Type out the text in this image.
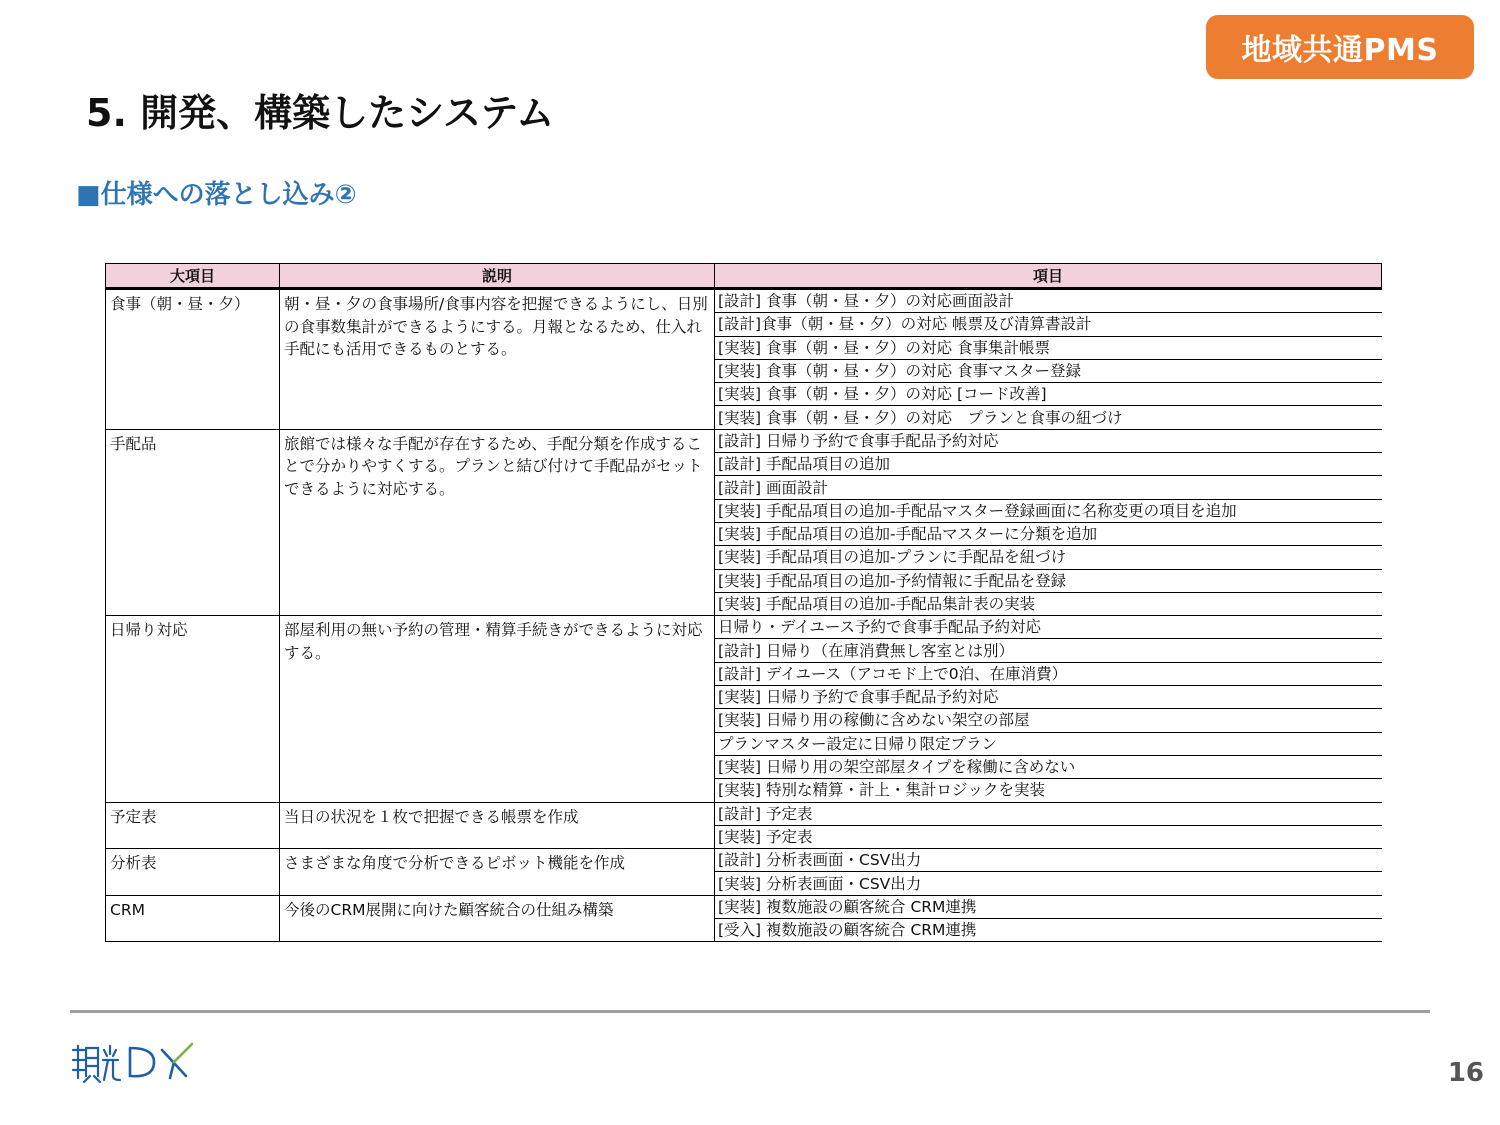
地域共通PMS
5. 開発、構築したシステム
■仕様への落とし込み②
大項目	説明	項目
食事（朝・昼・夕）	朝・昼・夕の食事場所/食事内容を把握できるようにし、日別の食事数集計ができるようにする。月報となるため、仕入れ手配にも活用できるものとする。	[設計] 食事（朝・昼・夕）の対応画面設計
		[設計]食事（朝・昼・夕）の対応 帳票及び清算書設計
		[実装] 食事（朝・昼・夕）の対応 食事集計帳票
		[実装] 食事（朝・昼・夕）の対応 食事マスター登録
		[実装] 食事（朝・昼・夕）の対応 [コード改善]
		[実装] 食事（朝・昼・夕）の対応　プランと食事の紐づけ
手配品	旅館では様々な手配が存在するため、手配分類を作成することで分かりやすくする。プランと結び付けて手配品がセットできるように対応する。	[設計] 日帰り予約で食事手配品予約対応
		[設計] 手配品項目の追加
		[設計] 画面設計
		[実装] 手配品項目の追加-手配品マスター登録画面に名称変更の項目を追加
		[実装] 手配品項目の追加-手配品マスターに分類を追加
		[実装] 手配品項目の追加-プランに手配品を紐づけ
		[実装] 手配品項目の追加-予約情報に手配品を登録
		[実装] 手配品項目の追加-手配品集計表の実装
日帰り対応	部屋利用の無い予約の管理・精算手続きができるように対応する。	日帰り・デイユース予約で食事手配品予約対応
		[設計] 日帰り（在庫消費無し客室とは別）
		[設計] デイユース（アコモド上で0泊、在庫消費）
		[実装] 日帰り予約で食事手配品予約対応
		[実装] 日帰り用の稼働に含めない架空の部屋
		プランマスター設定に日帰り限定プラン
		[実装] 日帰り用の架空部屋タイプを稼働に含めない
		[実装] 特別な精算・計上・集計ロジックを実装
予定表	当日の状況を１枚で把握できる帳票を作成	[設計] 予定表
		[実装] 予定表
分析表	さまざまな角度で分析できるピボット機能を作成	[設計] 分析表画面・CSV出力
		[実装] 分析表画面・CSV出力
CRM	今後のCRM展開に向けた顧客統合の仕組み構築	[実装] 複数施設の顧客統合 CRM連携
		[受入] 複数施設の顧客統合 CRM連携
16
